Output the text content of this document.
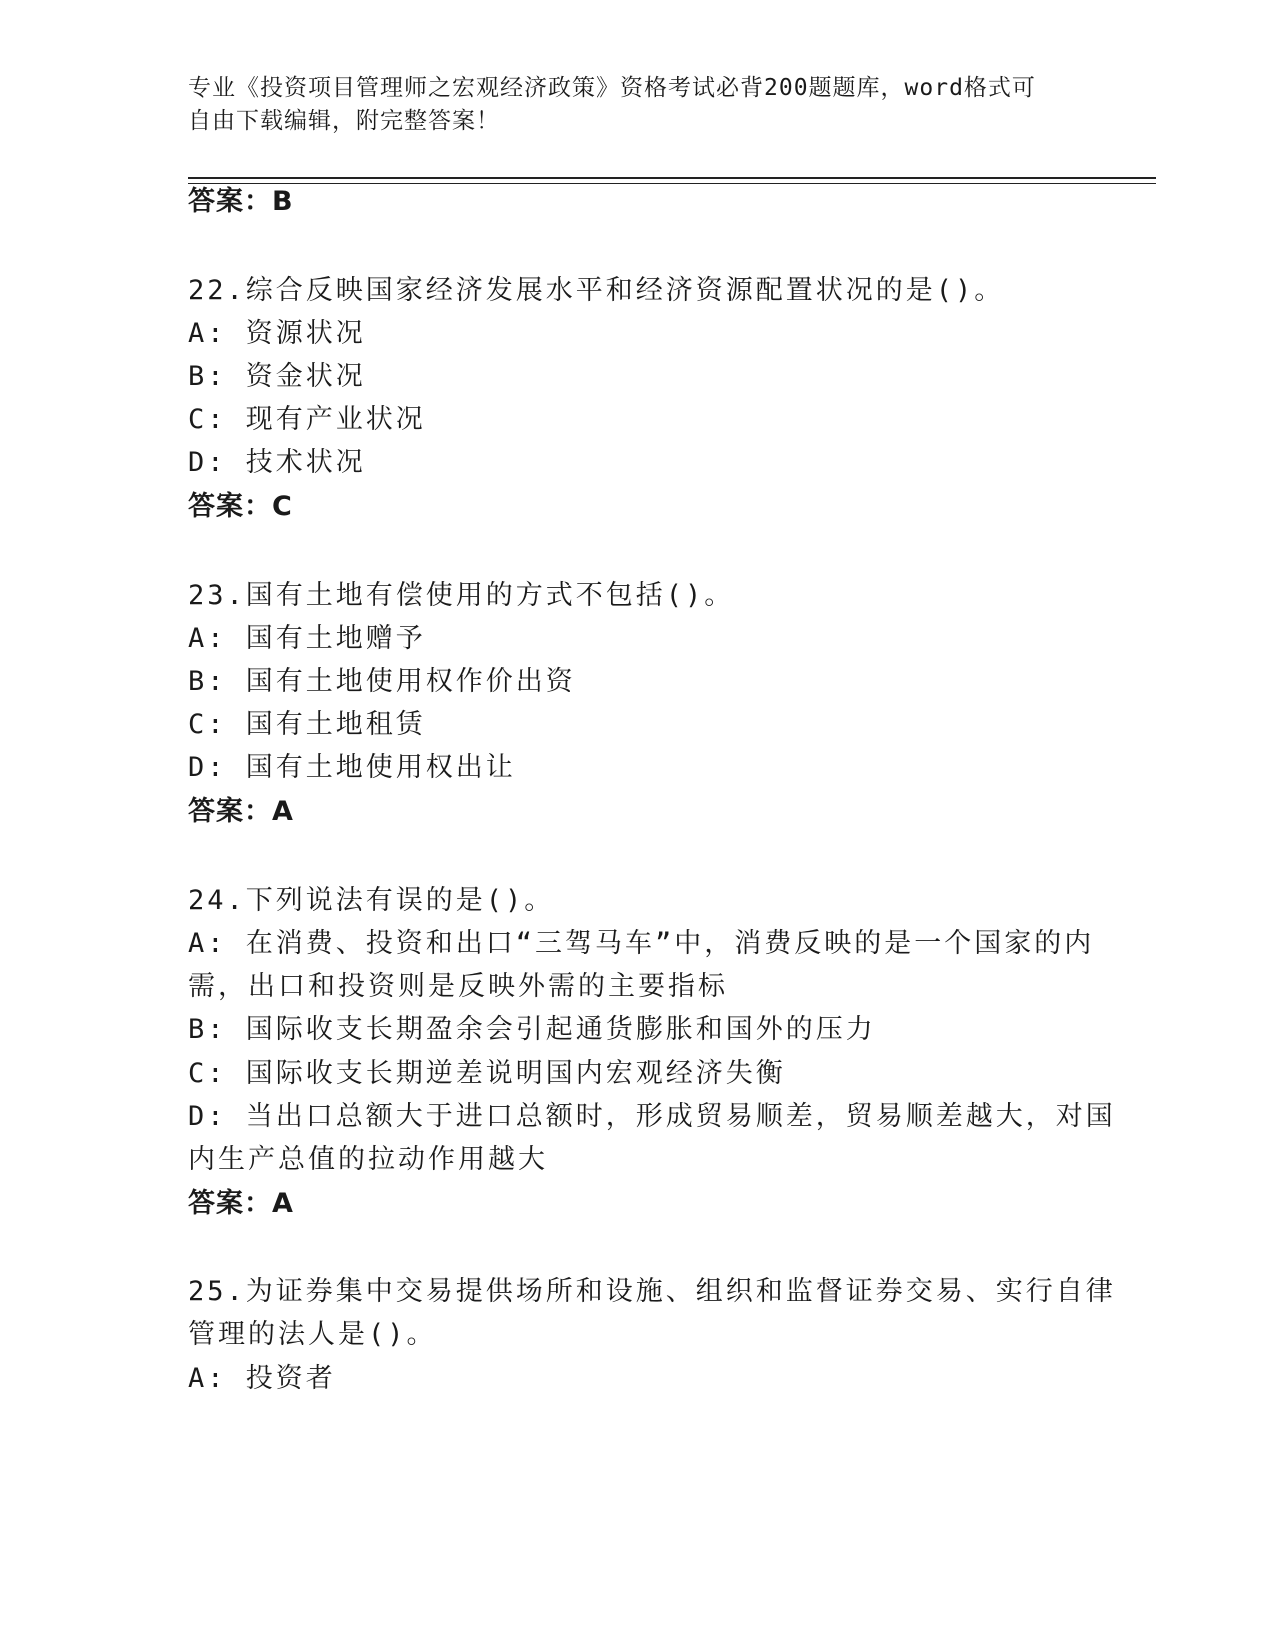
专业《投资项目管理师之宏观经济政策》资格考试必背200题题库，word格式可
自由下载编辑，附完整答案！
答案：B
22.综合反映国家经济发展水平和经济资源配置状况的是()。
A: 资源状况
B: 资金状况
C: 现有产业状况
D: 技术状况
答案：C
23.国有土地有偿使用的方式不包括()。
A: 国有土地赠予
B: 国有土地使用权作价出资
C: 国有土地租赁
D: 国有土地使用权出让
答案：A
24.下列说法有误的是()。
A: 在消费、投资和出口“三驾马车”中，消费反映的是一个国家的内
需，出口和投资则是反映外需的主要指标
B: 国际收支长期盈余会引起通货膨胀和国外的压力
C: 国际收支长期逆差说明国内宏观经济失衡
D: 当出口总额大于进口总额时，形成贸易顺差，贸易顺差越大，对国
内生产总值的拉动作用越大
答案：A
25.为证券集中交易提供场所和设施、组织和监督证券交易、实行自律
管理的法人是()。
A: 投资者
